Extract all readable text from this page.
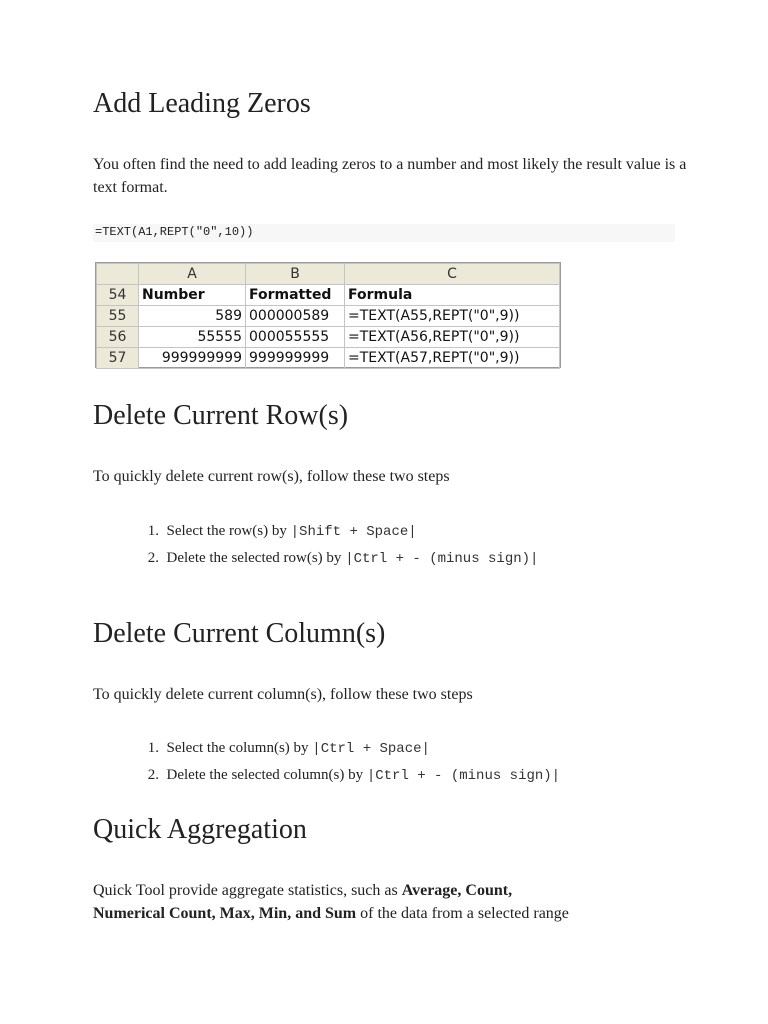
Add Leading Zeros

You often find the need to add leading zeros to a number and most likely the result value is a text format.

=TEXT(A1,REPT("0",10))
	A	B	C
54	Number	Formatted	Formula
55	589	000000589	=TEXT(A55,REPT("0",9))
56	55555	000055555	=TEXT(A56,REPT("0",9))
57	999999999	999999999	=TEXT(A57,REPT("0",9))
Delete Current Row(s)

To quickly delete current row(s), follow these two steps

1. Select the row(s) by |Shift + Space|
2. Delete the selected row(s) by |Ctrl + - (minus sign)|
Delete Current Column(s)

To quickly delete current column(s), follow these two steps

1. Select the column(s) by |Ctrl + Space|
2. Delete the selected column(s) by |Ctrl + - (minus sign)|
Quick Aggregation

Quick Tool provide aggregate statistics, such as Average, Count,
Numerical Count, Max, Min, and Sum of the data from a selected range
